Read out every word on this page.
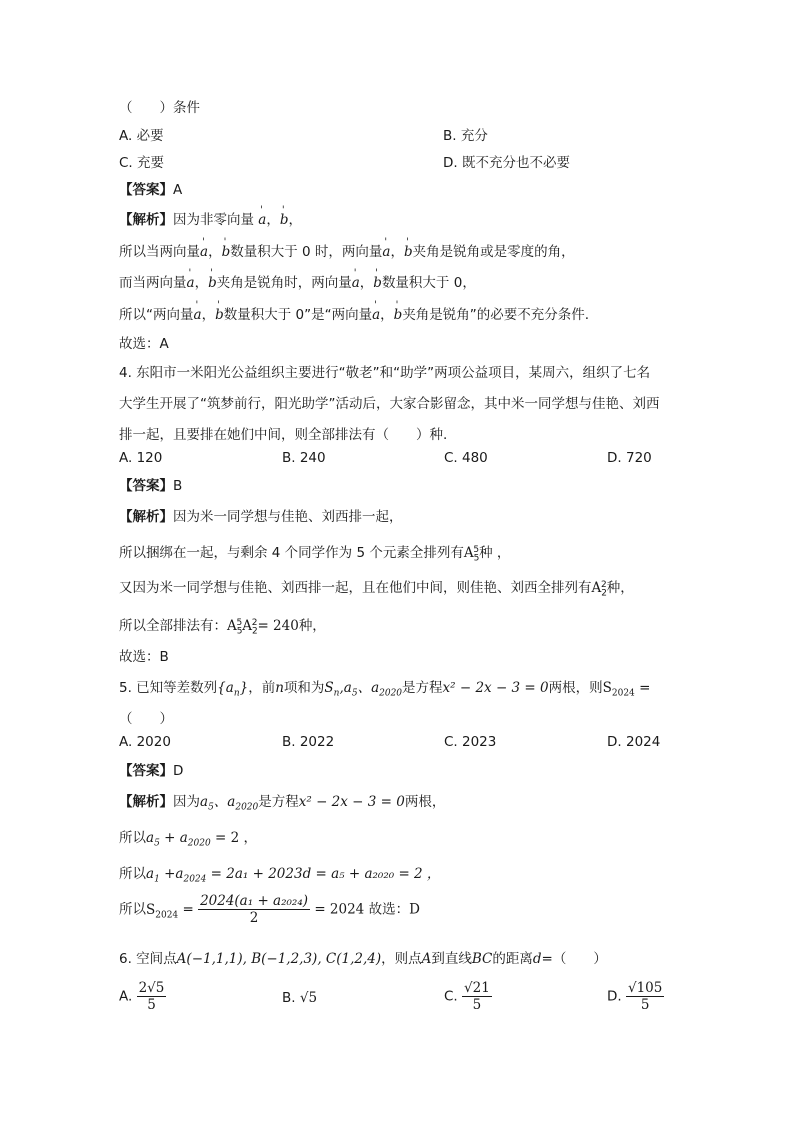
（　　）条件
A. 必要	B. 充分
C. 充要	D. 既不充分也不必要
【答案】A
【解析】因为非零向量 ' a，' b，
所以当两向量' a，' b数量积大于 0 时，两向量' a，' b夹角是锐角或是零度的角，
而当两向量' a，' b夹角是锐角时，两向量' a，' b数量积大于 0，
所以“两向量' a，' b数量积大于 0”是“两向量' a，' b夹角是锐角”的必要不充分条件.
故选：A
4. 东阳市一米阳光公益组织主要进行“敬老”和“助学”两项公益项目，某周六，组织了七名
大学生开展了“筑梦前行，阳光助学”活动后，大家合影留念，其中米一同学想与佳艳、刘西
排一起，且要排在她们中间，则全部排法有（　　）种.
A. 120	B. 240	C. 480	D. 720
【答案】B
【解析】因为米一同学想与佳艳、刘西排一起，
所以捆绑在一起，与剩余 4 个同学作为 5 个元素全排列有$A_5^5$种 ，
又因为米一同学想与佳艳、刘西排一起，且在他们中间，则佳艳、刘西全排列有$A_2^2$种，
所以全部排法有：$A_5^5A_2^2= 240$种，
故选：B
5. 已知等差数列$\{a_n\}$，前n项和为$S_n,a_5$、$a_{2020}$是方程x² − 2x − 3 = 0两根，则$S_{2024}$ =
（　　）
A. 2020	B. 2022	C. 2023	D. 2024
【答案】D
【解析】因为$a_5$、$a_{2020}$是方程x² − 2x − 3 = 0两根，
所以$a_5 + a_{2020} = 2$ ，
所以$a_1 +a_{2024} = 2a_1 + 2023d = a_5 + a_{2020} = 2$ ，
所以$S_{2024} = \frac{\text{2024(a₁ + a₂₀₂₄)}}{2} = 2024$ 故选：D
6. 空间点A(−1,1,1), B(−1,2,3), C(1,2,4)，则点A到直线BC的距离d=（　　）
A. $\frac{2√5}{5}$	B. √5	C. $\frac{√21}{5}$	D. $\frac{√105}{5}$
